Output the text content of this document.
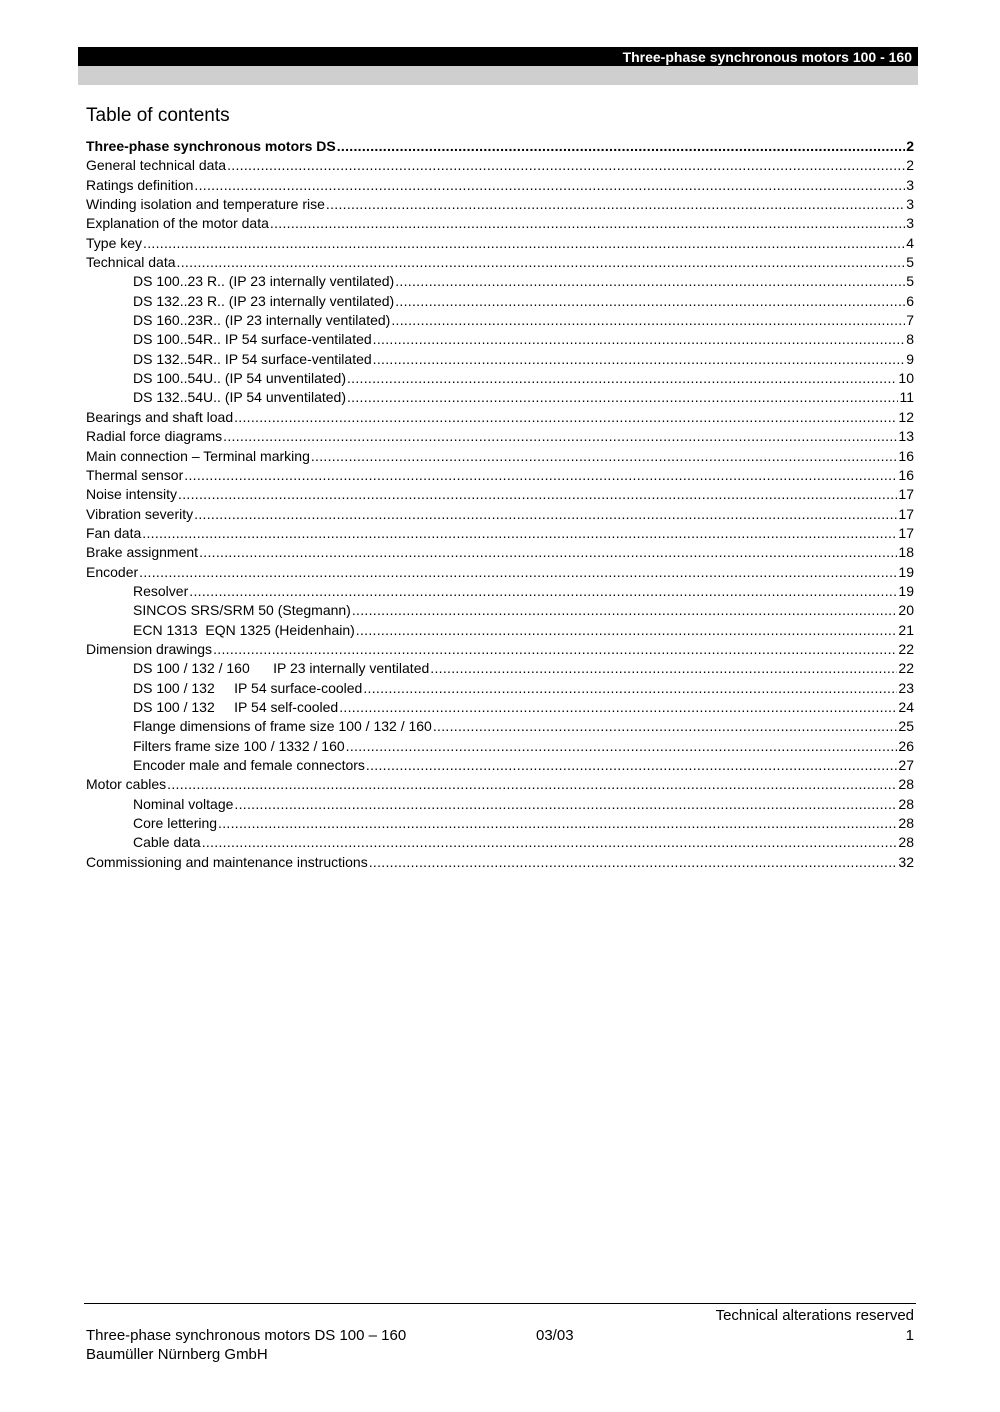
Three-phase synchronous motors 100 - 160
Table of contents
Three-phase synchronous motors DS .....	2
General technical data .....	2
Ratings definition .....	3
Winding isolation and temperature rise .....	3
Explanation of the motor data .....	3
Type key .....	4
Technical data .....	5
DS 100..23 R.. (IP 23 internally ventilated) .....	5
DS 132..23 R.. (IP 23 internally ventilated) .....	6
DS 160..23R.. (IP 23 internally ventilated) .....	7
DS 100..54R.. IP 54 surface-ventilated .....	8
DS 132..54R.. IP 54 surface-ventilated .....	9
DS 100..54U.. (IP 54 unventilated) .....	10
DS 132..54U.. (IP 54 unventilated) .....	11
Bearings and shaft load .....	12
Radial force diagrams .....	13
Main connection – Terminal marking .....	16
Thermal sensor .....	16
Noise intensity .....	17
Vibration severity .....	17
Fan data .....	17
Brake assignment .....	18
Encoder .....	19
Resolver .....	19
SINCOS SRS/SRM 50 (Stegmann) .....	20
ECN 1313  EQN 1325 (Heidenhain) .....	21
Dimension drawings .....	22
DS 100 / 132 / 160      IP 23 internally ventilated .....	22
DS 100 / 132     IP 54 surface-cooled .....	23
DS 100 / 132     IP 54 self-cooled .....	24
Flange dimensions of frame size 100 / 132 / 160 .....	25
Filters frame size 100 / 1332 / 160 .....	26
Encoder male and female connectors .....	27
Motor cables .....	28
Nominal voltage .....	28
Core lettering .....	28
Cable data .....	28
Commissioning and maintenance instructions .....	32
Technical alterations reserved
Three-phase synchronous motors DS 100 – 160	03/03	1
Baumüller Nürnberg GmbH
